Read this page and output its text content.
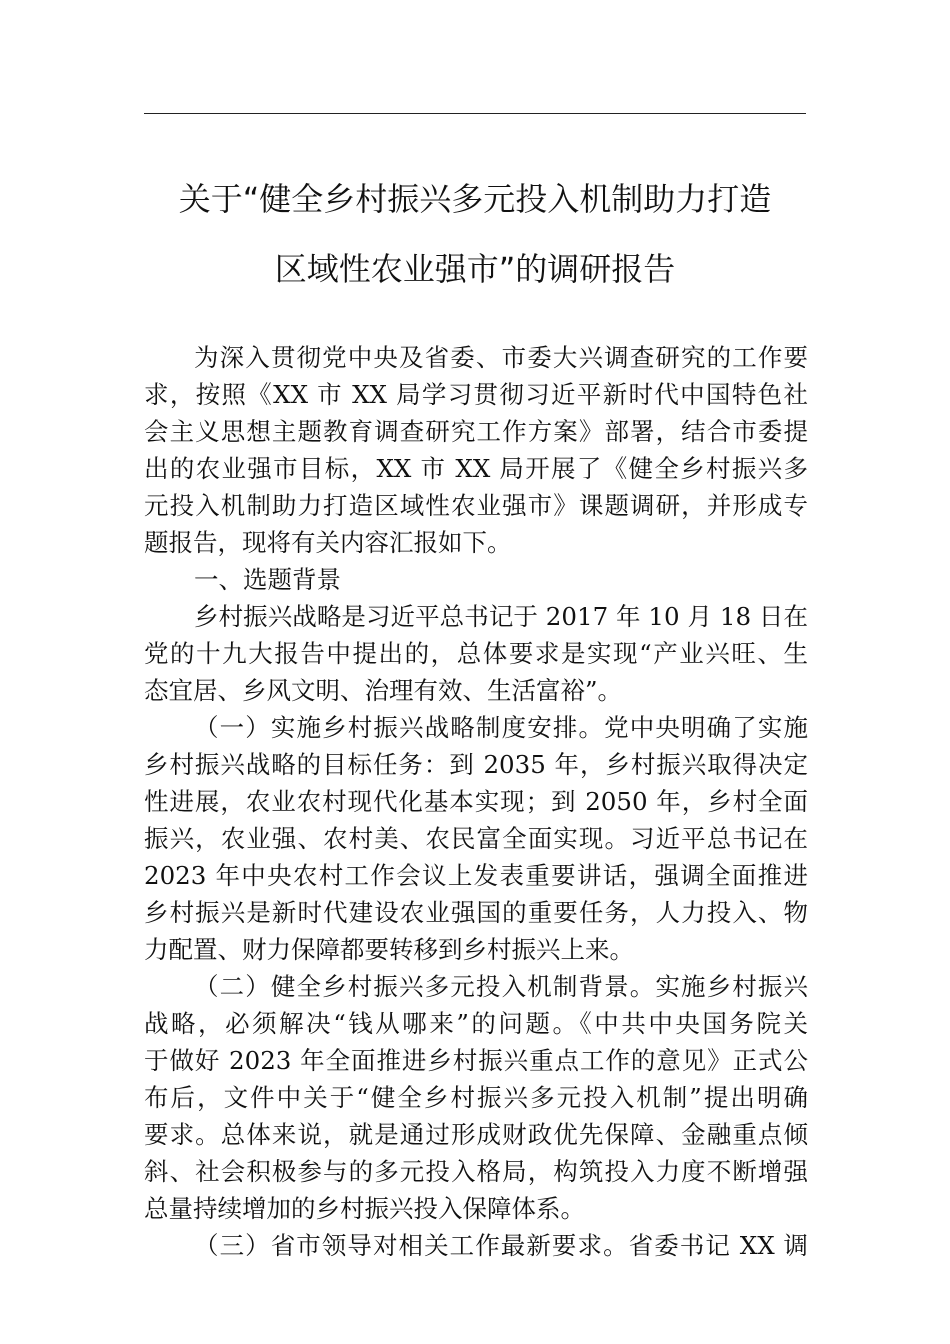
关于“健全乡村振兴多元投入机制助力打造
区域性农业强市”的调研报告
为深入贯彻党中央及省委、市委大兴调查研究的工作要
求，按照《XX 市 XX 局学习贯彻习近平新时代中国特色社
会主义思想主题教育调查研究工作方案》部署，结合市委提
出的农业强市目标，XX 市 XX 局开展了《健全乡村振兴多
元投入机制助力打造区域性农业强市》课题调研，并形成专
题报告，现将有关内容汇报如下。
一、选题背景
乡村振兴战略是习近平总书记于 2017 年 10 月 18 日在
党的十九大报告中提出的，总体要求是实现“产业兴旺、生
态宜居、乡风文明、治理有效、生活富裕”。
（一）实施乡村振兴战略制度安排。党中央明确了实施
乡村振兴战略的目标任务：到 2035 年，乡村振兴取得决定
性进展，农业农村现代化基本实现；到 2050 年，乡村全面
振兴，农业强、农村美、农民富全面实现。习近平总书记在
2023 年中央农村工作会议上发表重要讲话，强调全面推进
乡村振兴是新时代建设农业强国的重要任务，人力投入、物
力配置、财力保障都要转移到乡村振兴上来。
（二）健全乡村振兴多元投入机制背景。实施乡村振兴
战略，必须解决“钱从哪来”的问题。《中共中央国务院关
于做好 2023 年全面推进乡村振兴重点工作的意见》正式公
布后，文件中关于“健全乡村振兴多元投入机制”提出明确
要求。总体来说，就是通过形成财政优先保障、金融重点倾
斜、社会积极参与的多元投入格局，构筑投入力度不断增强
总量持续增加的乡村振兴投入保障体系。
（三）省市领导对相关工作最新要求。省委书记 XX 调
